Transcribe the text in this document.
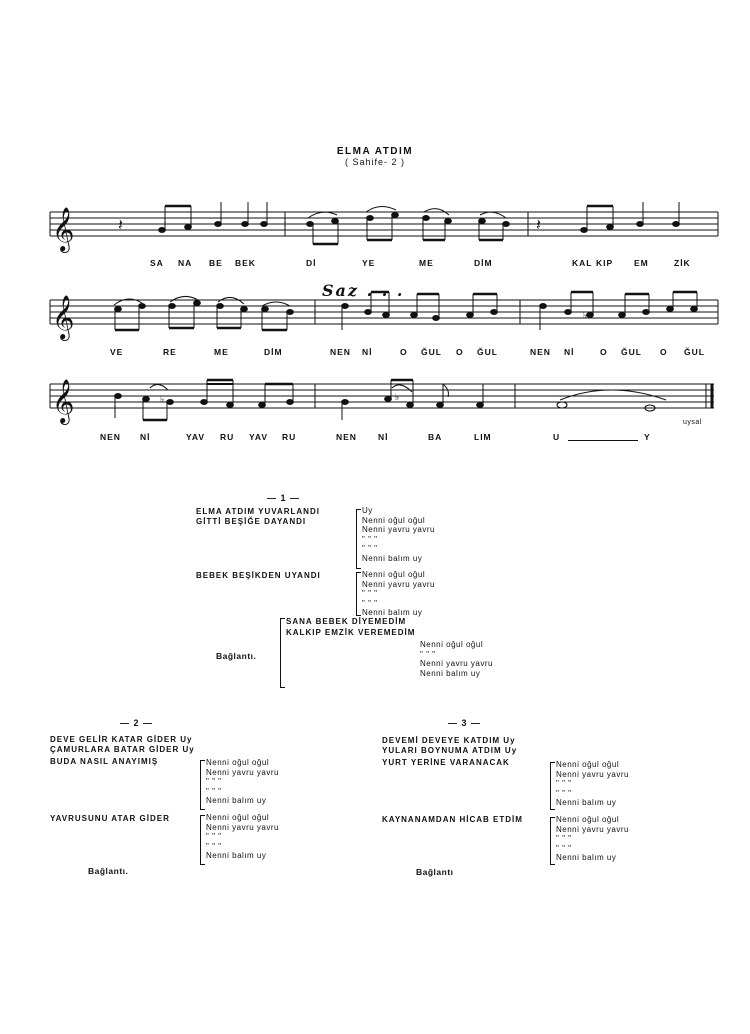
ELMA ATDIM
( Sahife- 2 )
𝄞
𝄞
𝄞
𝄽	𝄽
♭
♭	♭
Saz . . .
uysal
SA NA BE BEK	Dİ	YE	ME	DİM	KAL KIP EM	ZİK
VE	RE	ME	DİM	NEN Nİ	O ĞUL O ĞUL	NEN Nİ	O ĞUL O ĞUL
NEN Nİ	YAV RU YAV RU	NEN Nİ	BA	LIM	U	Y
— 1 —
ELMA ATDIM YUVARLANDI
GİTTİ BEŞİĞE DAYANDI
Uy
Nenni oğul oğul
Nenni yavru yavru
" " "
" " "
Nenni balım uy
BEBEK BEŞİKDEN UYANDI	Nenni oğul oğul
Nenni yavru yavru
" " "
" " "
Nenni balım uy
Bağlantı.
SANA BEBEK DİYEMEDİM
KALKIP EMZİK VEREMEDİM
Nenni oğul oğul
" " "
Nenni yavru yavru
Nenni balım uy
— 2 —
DEVE GELİR KATAR GİDER Uy
ÇAMURLARA BATAR GİDER Uy
BUDA NASIL ANAYIMIŞ	Nenni oğul oğul
Nenni yavru yavru
" " "
" " "
Nenni balım uy
YAVRUSUNU ATAR GİDER	Nenni oğul oğul
Nenni yavru yavru
" " "
" " "
Nenni balım uy
Bağlantı.
— 3 —
DEVEMİ DEVEYE KATDIM Uy
YULARI BOYNUMA ATDIM Uy
YURT YERİNE VARANACAK	Nenni oğul oğul
Nenni yavru yavru
" " "
" " "
Nenni balım uy
KAYNANAMDAN HİCAB ETDİM	Nenni oğul oğul
Nenni yavru yavru
" " "
" " "
Nenni balım uy
Bağlantı
